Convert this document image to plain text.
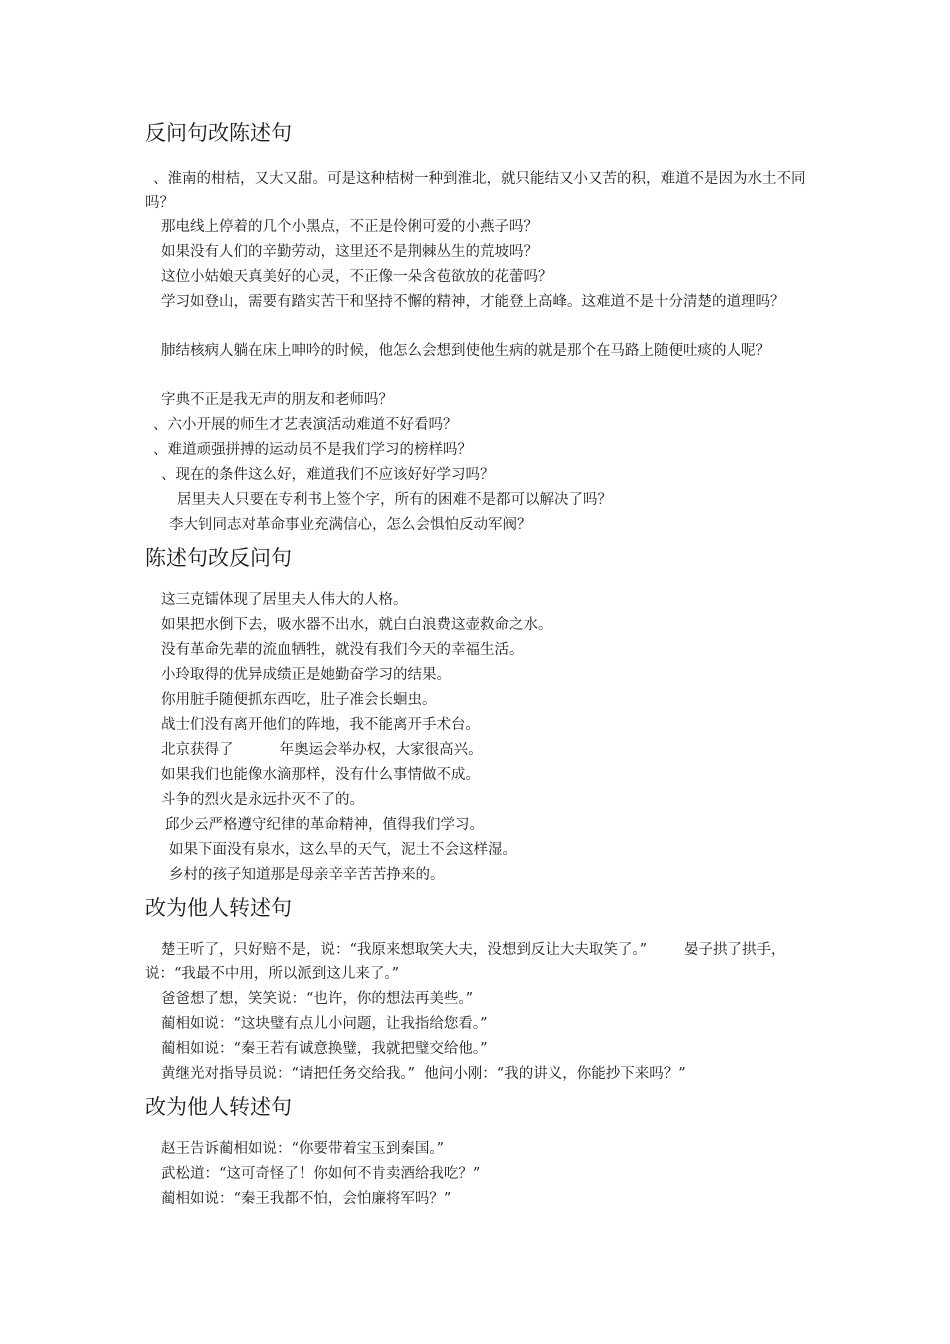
反问句改陈述句

、淮南的柑桔，又大又甜。可是这种桔树一种到淮北，就只能结又小又苦的积，难道不是因为水土不同吗？

那电线上停着的几个小黑点，不正是伶俐可爱的小燕子吗？

如果没有人们的辛勤劳动，这里还不是荆棘丛生的荒坡吗？

这位小姑娘天真美好的心灵，不正像一朵含苞欲放的花蕾吗？

学习如登山，需要有踏实苦干和坚持不懈的精神，才能登上高峰。这难道不是十分清楚的道理吗？

肺结核病人躺在床上呻吟的时候，他怎么会想到使他生病的就是那个在马路上随便吐痰的人呢？

字典不正是我无声的朋友和老师吗？

、六小开展的师生才艺表演活动难道不好看吗？

、难道顽强拼搏的运动员不是我们学习的榜样吗？

、现在的条件这么好，难道我们不应该好好学习吗？

居里夫人只要在专利书上签个字，所有的困难不是都可以解决了吗？

李大钊同志对革命事业充满信心，怎么会惧怕反动军阀？

陈述句改反问句

这三克镭体现了居里夫人伟大的人格。

如果把水倒下去，吸水器不出水，就白白浪费这壶救命之水。

没有革命先辈的流血牺牲，就没有我们今天的幸福生活。

小玲取得的优异成绩正是她勤奋学习的结果。

你用脏手随便抓东西吃，肚子准会长蛔虫。

战士们没有离开他们的阵地，我不能离开手术台。

北京获得了          年奥运会举办权，大家很高兴。

如果我们也能像水滴那样，没有什么事情做不成。

斗争的烈火是永远扑灭不了的。

邱少云严格遵守纪律的革命精神，值得我们学习。

如果下面没有泉水，这么旱的天气，泥土不会这样湿。

乡村的孩子知道那是母亲辛辛苦苦挣来的。

改为他人转述句

楚王听了，只好赔不是，说：“我原来想取笑大夫，没想到反让大夫取笑了。”        晏子拱了拱手，说：“我最不中用，所以派到这儿来了。”

爸爸想了想，笑笑说：“也许，你的想法再美些。”

蔺相如说：“这块璧有点儿小问题，让我指给您看。”

蔺相如说：“秦王若有诚意换璧，我就把璧交给他。”

黄继光对指导员说：“请把任务交给我。”  他问小刚：“我的讲义，你能抄下来吗？”

改为他人转述句

赵王告诉蔺相如说：“你要带着宝玉到秦国。”

武松道：“这可奇怪了！你如何不肯卖酒给我吃？”

蔺相如说：“秦王我都不怕，会怕廉将军吗？”
